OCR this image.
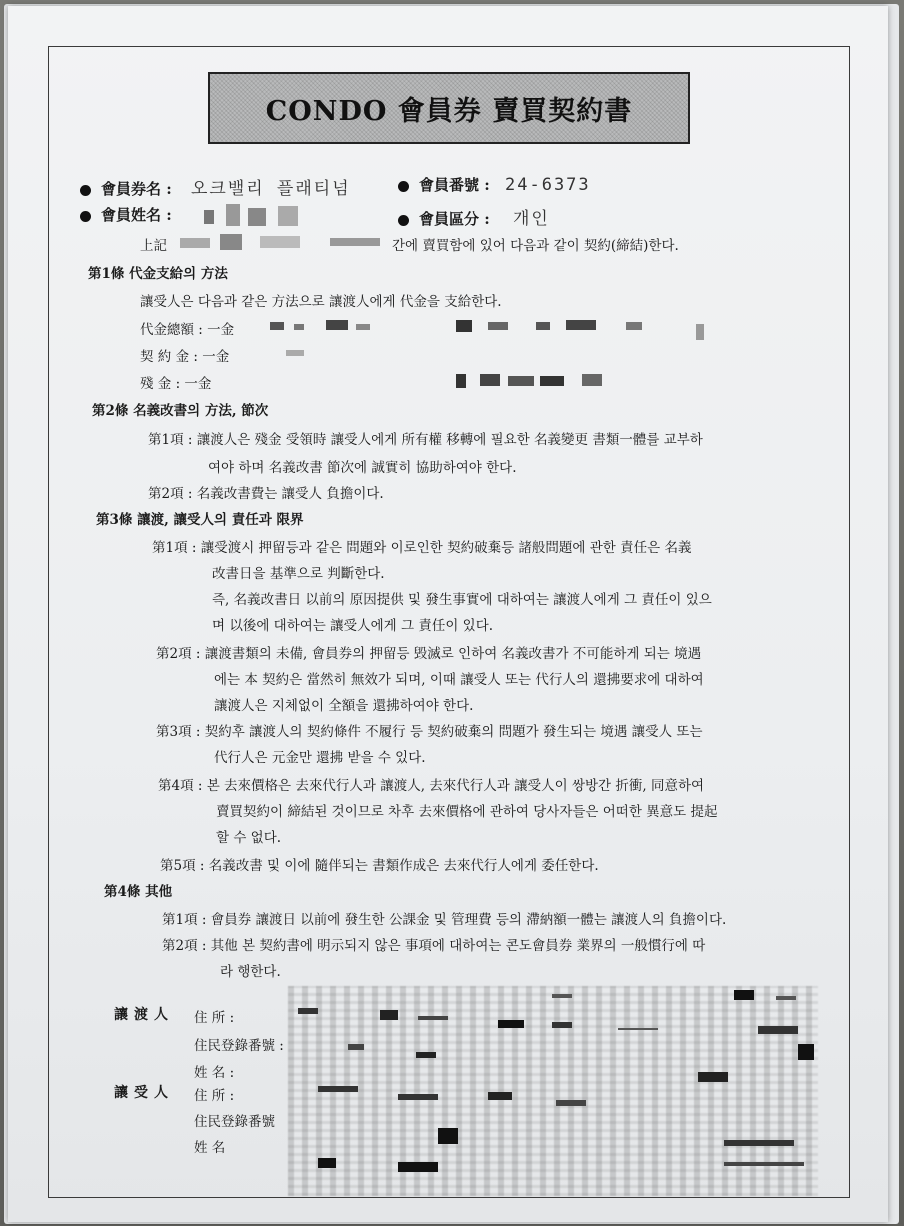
CONDO 會員券 賣買契約書
會員券名 : 오크밸리 플래티넘	會員番號 : 24-6373
會員姓名 :	會員區分 : 개인
上記	간에 賣買함에 있어 다음과 같이 契約(締結)한다.
第1條 代金支給의 方法
讓受人은 다음과 같은 方法으로 讓渡人에게 代金을 支給한다.
代金總額 : 一金
契 約 金 : 一金
殘 金 : 一金
第2條 名義改書의 方法, 節次
第1項 : 讓渡人은 殘金 受領時 讓受人에게 所有權 移轉에 필요한 名義變更 書類一體를 교부하
여야 하며 名義改書 節次에 誠實히 協助하여야 한다.
第2項 : 名義改書費는 讓受人 負擔이다.
第3條 讓渡, 讓受人의 責任과 限界
第1項 : 讓受渡시 押留등과 같은 問題와 이로인한 契約破棄등 諸般問題에 관한 責任은 名義
改書日을 基準으로 判斷한다.
즉, 名義改書日 以前의 原因提供 및 發生事實에 대하여는 讓渡人에게 그 責任이 있으
며 以後에 대하여는 讓受人에게 그 責任이 있다.
第2項 : 讓渡書類의 未備, 會員券의 押留등 毁滅로 인하여 名義改書가 不可能하게 되는 境遇
에는 本 契約은 當然히 無效가 되며, 이때 讓受人 또는 代行人의 還拂要求에 대하여
讓渡人은 지체없이 全額을 還拂하여야 한다.
第3項 : 契約후 讓渡人의 契約條件 不履行 등 契約破棄의 問題가 發生되는 境遇 讓受人 또는
代行人은 元金만 還拂 받을 수 있다.
第4項 : 본 去來價格은 去來代行人과 讓渡人, 去來代行人과 讓受人이 쌍방간 折衝, 同意하여
賣買契約이 締結된 것이므로 차후 去來價格에 관하여 당사자들은 어떠한 異意도 提起
할 수 없다.
第5項 : 名義改書 및 이에 隨伴되는 書類作成은 去來代行人에게 委任한다.
第4條 其他
第1項 : 會員券 讓渡日 以前에 發生한 公課金 및 管理費 등의 滯納額一體는 讓渡人의 負擔이다.
第2項 : 其他 본 契約書에 明示되지 않은 事項에 대하여는 콘도會員券 業界의 一般慣行에 따
라 행한다.
讓渡人 住 所 :
住民登錄番號 :
姓 名 :
讓受人 住 所 :
住民登錄番號
姓 名
